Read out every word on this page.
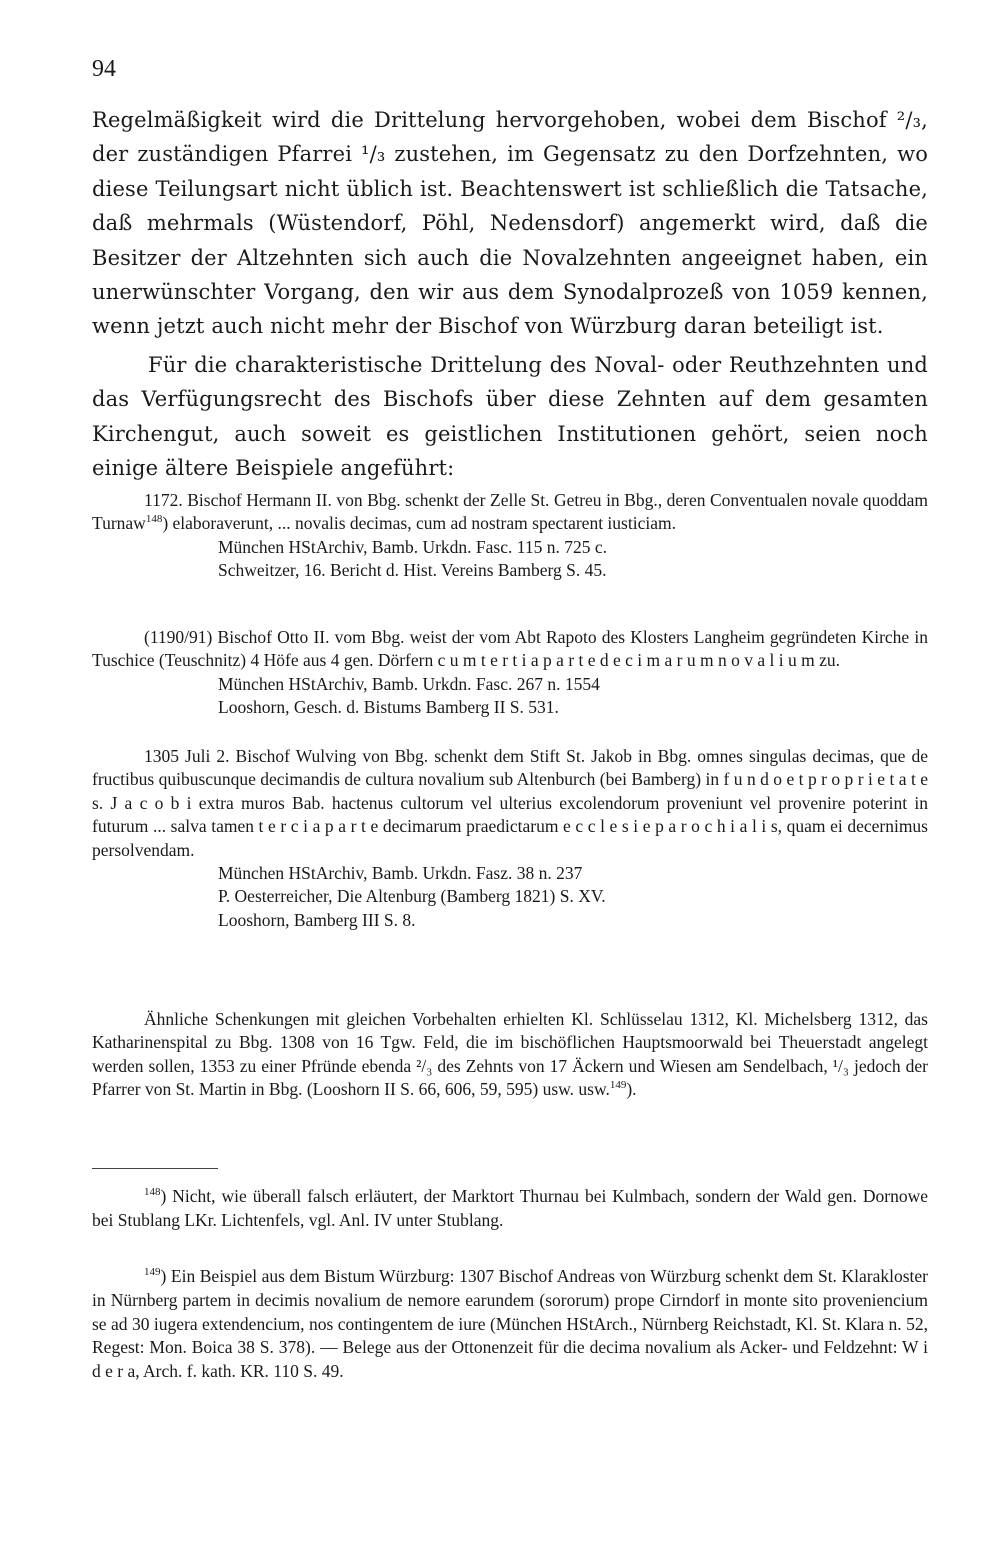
94

Regelmäßigkeit wird die Drittelung hervorgehoben, wobei dem Bischof ²/₃, der zuständigen Pfarrei ¹/₃ zustehen, im Gegensatz zu den Dorfzehnten, wo diese Teilungsart nicht üblich ist. Beachtenswert ist schließlich die Tatsache, daß mehrmals (Wüstendorf, Pöhl, Nedensdorf) angemerkt wird, daß die Besitzer der Altzehnten sich auch die Novalzehnten angeeignet haben, ein unerwünschter Vorgang, den wir aus dem Synodalprozeß von 1059 kennen, wenn jetzt auch nicht mehr der Bischof von Würzburg daran beteiligt ist.

Für die charakteristische Drittelung des Noval- oder Reuthzehnten und das Verfügungsrecht des Bischofs über diese Zehnten auf dem gesamten Kirchengut, auch soweit es geistlichen Institutionen gehört, seien noch einige ältere Beispiele angeführt:

1172. Bischof Hermann II. von Bbg. schenkt der Zelle St. Getreu in Bbg., deren Conventualen novale quoddam Turnaw$^{148}$) elaboraverunt, ... novalis decimas, cum ad nostram spectarent iusticiam.
München HStArchiv, Bamb. Urkdn. Fasc. 115 n. 725 c.
Schweitzer, 16. Bericht d. Hist. Vereins Bamberg S. 45.
(1190/91) Bischof Otto II. vom Bbg. weist der vom Abt Rapoto des Klosters Langheim gegründeten Kirche in Tuschice (Teuschnitz) 4 Höfe aus 4 gen. Dörfern c u m t e r t i a p a r t e d e c i m a r u m n o v a l i u m zu.
München HStArchiv, Bamb. Urkdn. Fasc. 267 n. 1554
Looshorn, Gesch. d. Bistums Bamberg II S. 531.
1305 Juli 2. Bischof Wulving von Bbg. schenkt dem Stift St. Jakob in Bbg. omnes singulas decimas, que de fructibus quibuscunque decimandis de cultura novalium sub Altenburch (bei Bamberg) in f u n d o e t p r o p r i e t a t e s. J a c o b i extra muros Bab. hactenus cultorum vel ulterius excolendorum proveniunt vel provenire poterint in futurum ... salva tamen t e r c i a p a r t e decimarum praedictarum e c c l e s i e p a r o c h i a l i s, quam ei decernimus persolvendam.
München HStArchiv, Bamb. Urkdn. Fasz. 38 n. 237
P. Oesterreicher, Die Altenburg (Bamberg 1821) S. XV.
Looshorn, Bamberg III S. 8.
Ähnliche Schenkungen mit gleichen Vorbehalten erhielten Kl. Schlüsselau 1312, Kl. Michelsberg 1312, das Katharinenspital zu Bbg. 1308 von 16 Tgw. Feld, die im bischöflichen Hauptsmoorwald bei Theuerstadt angelegt werden sollen, 1353 zu einer Pfründe ebenda ²/₃ des Zehnts von 17 Äckern und Wiesen am Sendelbach, ¹/₃ jedoch der Pfarrer von St. Martin in Bbg. (Looshorn II S. 66, 606, 59, 595) usw. usw.$^{149}$).
$^{148}$) Nicht, wie überall falsch erläutert, der Marktort Thurnau bei Kulmbach, sondern der Wald gen. Dornowe bei Stublang LKr. Lichtenfels, vgl. Anl. IV unter Stublang.
$^{149}$) Ein Beispiel aus dem Bistum Würzburg: 1307 Bischof Andreas von Würzburg schenkt dem St. Klarakloster in Nürnberg partem in decimis novalium de nemore earundem (sororum) prope Cirndorf in monte sito proveniencium se ad 30 iugera extendencium, nos contingentem de iure (München HStArch., Nürnberg Reichstadt, Kl. St. Klara n. 52, Regest: Mon. Boica 38 S. 378). — Belege aus der Ottonenzeit für die decima novalium als Acker- und Feldzehnt: W i d e r a, Arch. f. kath. KR. 110 S. 49.
